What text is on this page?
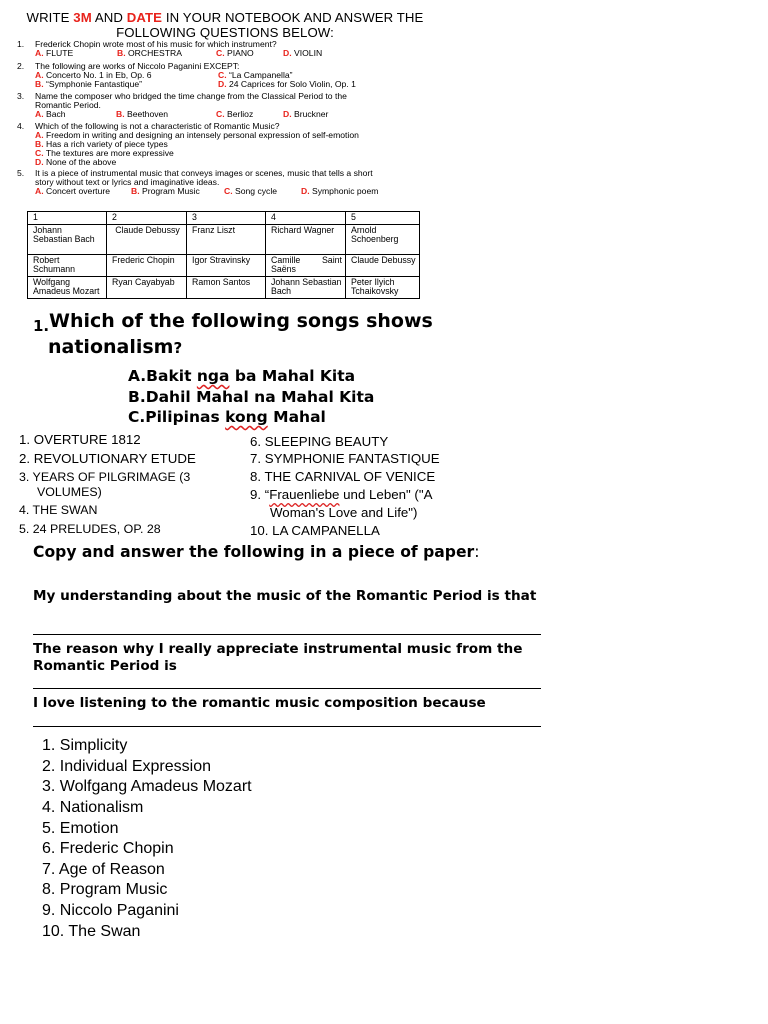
WRITE 3M AND DATE IN YOUR NOTEBOOK AND ANSWER THE
FOLLOWING QUESTIONS BELOW:
1. Frederick Chopin wrote most of his music for which instrument?
A. FLUTE	B. ORCHESTRA	C. PIANO	D. VIOLIN
2. The following are works of Niccolo Paganini EXCEPT:
A. Concerto No. 1 in Eb, Op. 6	C. “La Campanella”
B. “Symphonie Fantastique”	D. 24 Caprices for Solo Violin, Op. 1
3. Name the composer who bridged the time change from the Classical Period to the
Romantic Period.
A. Bach	B. Beethoven	C. Berlioz	D. Bruckner
4. Which of the following is not a characteristic of Romantic Music?
A. Freedom in writing and designing an intensely personal expression of self-emotion
B. Has a rich variety of piece types
C. The textures are more expressive
D. None of the above
5. It is a piece of instrumental music that conveys images or scenes, music that tells a short
story without text or lyrics and imaginative ideas.
A. Concert overture B. Program Music	C. Song cycle	D. Symphonic poem
1	2	3	4	5
Johann Sebastian Bach	Claude Debussy	Franz Liszt	Richard Wagner	Arnold Schoenberg
Robert Schumann	Frederic Chopin	Igor Stravinsky	Camille Saint Saëns	Claude Debussy
Wolfgang Amadeus Mozart	Ryan Cayabyab	Ramon Santos	Johann Sebastian Bach	Peter Ilyich Tchaikovsky
1. Which of the following songs shows
nationalism?
A.Bakit nga ba Mahal Kita
B.Dahil Mahal na Mahal Kita
C.Pilipinas kong Mahal
1. OVERTURE 1812
2. REVOLUTIONARY ETUDE
3. YEARS OF PILGRIMAGE (3
VOLUMES)
4. THE SWAN
5. 24 PRELUDES, OP. 28
6. SLEEPING BEAUTY
7. SYMPHONIE FANTASTIQUE
8. THE CARNIVAL OF VENICE
9. “Frauenliebe und Leben" ("A
Woman's Love and Life")
10. LA CAMPANELLA
Copy and answer the following in a piece of paper:
My understanding about the music of the Romantic Period is that
The reason why I really appreciate instrumental music from the Romantic Period is
I love listening to the romantic music composition because
1. Simplicity
2. Individual Expression
3. Wolfgang Amadeus Mozart
4. Nationalism
5. Emotion
6. Frederic Chopin
7. Age of Reason
8. Program Music
9. Niccolo Paganini
10. The Swan
